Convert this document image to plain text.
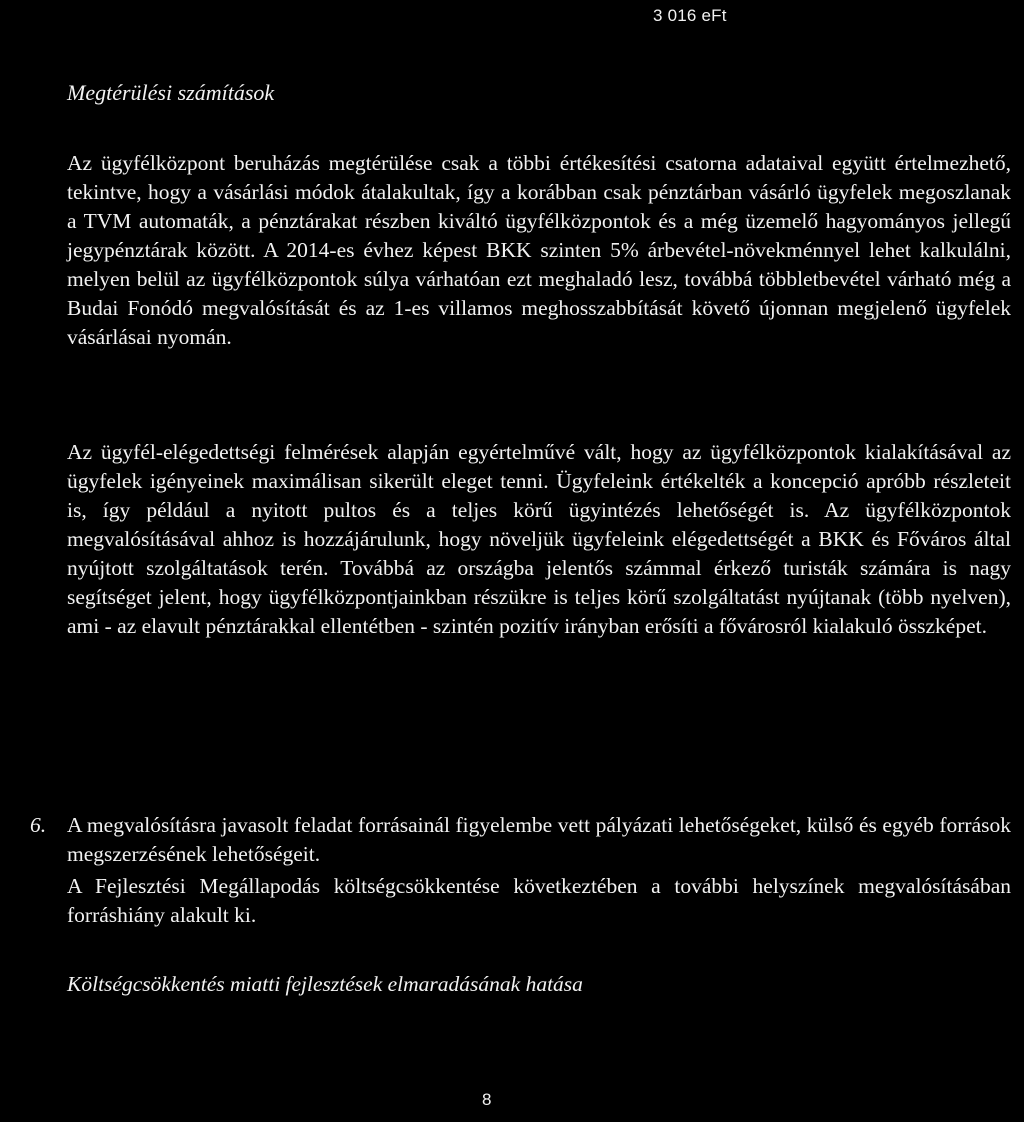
3 016 eFt
Megtérülési számítások

Az ügyfélközpont beruházás megtérülése csak a többi értékesítési csatorna adataival együtt értelmezhető, tekintve, hogy a vásárlási módok átalakultak, így a korábban csak pénztárban vásárló ügyfelek megoszlanak a TVM automaták, a pénztárakat részben kiváltó ügyfélközpontok és a még üzemelő hagyományos jellegű jegypénztárak között. A 2014-es évhez képest BKK szinten 5% árbevétel-növekménnyel lehet kalkulálni, melyen belül az ügyfélközpontok súlya várhatóan ezt meghaladó lesz, továbbá többletbevétel várható még a Budai Fonódó megvalósítását és az 1-es villamos meghosszabbítását követő újonnan megjelenő ügyfelek vásárlásai nyomán.

Az ügyfél-elégedettségi felmérések alapján egyértelművé vált, hogy az ügyfélközpontok kialakításával az ügyfelek igényeinek maximálisan sikerült eleget tenni. Ügyfeleink értékelték a koncepció apróbb részleteit is, így például a nyitott pultos és a teljes körű ügyintézés lehetőségét is. Az ügyfélközpontok megvalósításával ahhoz is hozzájárulunk, hogy növeljük ügyfeleink elégedettségét a BKK és Főváros által nyújtott szolgáltatások terén. Továbbá az országba jelentős számmal érkező turisták számára is nagy segítséget jelent, hogy ügyfélközpontjainkban részükre is teljes körű szolgáltatást nyújtanak (több nyelven), ami - az elavult pénztárakkal ellentétben - szintén pozitív irányban erősíti a fővárosról kialakuló összképet.

6. A megvalósításra javasolt feladat forrásainál figyelembe vett pályázati lehetőségeket, külső és egyéb források megszerzésének lehetőségeit.

A Fejlesztési Megállapodás költségcsökkentése következtében a további helyszínek megvalósításában forráshiány alakult ki.

Költségcsökkentés miatti fejlesztések elmaradásának hatása
8
